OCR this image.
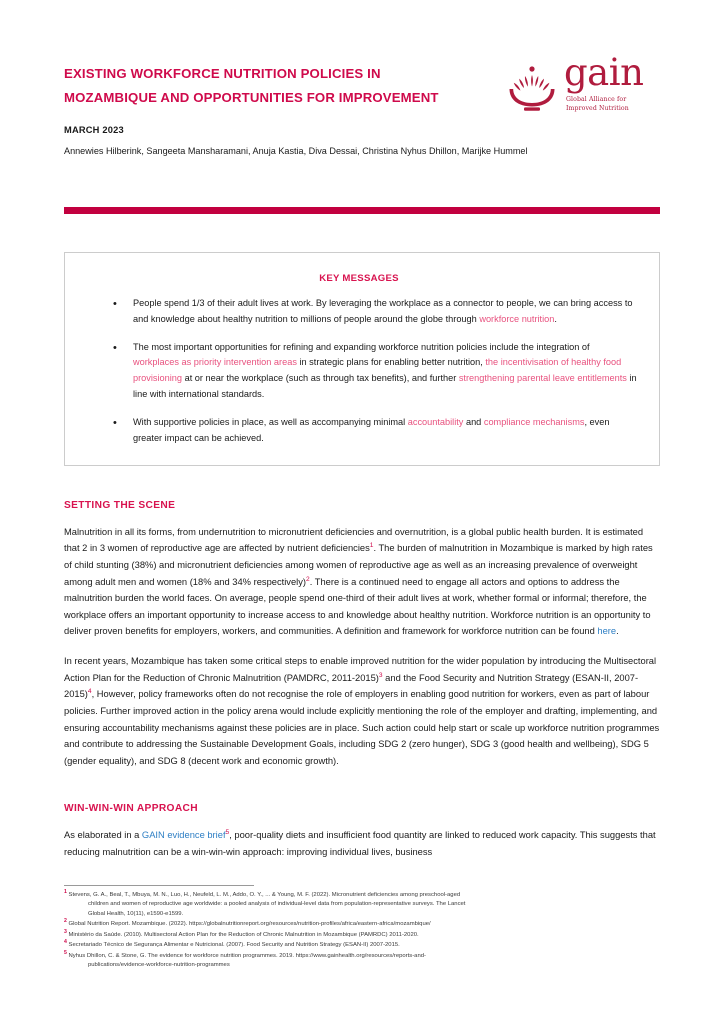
EXISTING WORKFORCE NUTRITION POLICIES IN
MOZAMBIQUE AND OPPORTUNITIES FOR IMPROVEMENT
gain
Global Alliance for
Improved Nutrition

MARCH 2023

Annewies Hilberink, Sangeeta Mansharamani, Anuja Kastia, Diva Dessai, Christina Nyhus Dhillon, Marijke Hummel

KEY MESSAGES
• People spend 1/3 of their adult lives at work. By leveraging the workplace as a connector to people, we can bring access to and knowledge about healthy nutrition to millions of people around the globe through workforce nutrition.
• The most important opportunities for refining and expanding workforce nutrition policies include the integration of workplaces as priority intervention areas in strategic plans for enabling better nutrition, the incentivisation of healthy food provisioning at or near the workplace (such as through tax benefits), and further strengthening parental leave entitlements in line with international standards.
• With supportive policies in place, as well as accompanying minimal accountability and compliance mechanisms, even greater impact can be achieved.
SETTING THE SCENE

Malnutrition in all its forms, from undernutrition to micronutrient deficiencies and overnutrition, is a global public health burden. It is estimated that 2 in 3 women of reproductive age are affected by nutrient deficiencies$^1$. The burden of malnutrition in Mozambique is marked by high rates of child stunting (38%) and micronutrient deficiencies among women of reproductive age as well as an increasing prevalence of overweight among adult men and women (18% and 34% respectively)$^2$. There is a continued need to engage all actors and options to address the malnutrition burden the world faces. On average, people spend one-third of their adult lives at work, whether formal or informal; therefore, the workplace offers an important opportunity to increase access to and knowledge about healthy nutrition. Workforce nutrition is an opportunity to deliver proven benefits for employers, workers, and communities. A definition and framework for workforce nutrition can be found here.

In recent years, Mozambique has taken some critical steps to enable improved nutrition for the wider population by introducing the Multisectoral Action Plan for the Reduction of Chronic Malnutrition (PAMDRC, 2011-2015)$^3$ and the Food Security and Nutrition Strategy (ESAN-II, 2007-2015)$^4$, However, policy frameworks often do not recognise the role of employers in enabling good nutrition for workers, even as part of labour policies. Further improved action in the policy arena would include explicitly mentioning the role of the employer and drafting, implementing, and ensuring accountability mechanisms against these policies are in place. Such action could help start or scale up workforce nutrition programmes and contribute to addressing the Sustainable Development Goals, including SDG 2 (zero hunger), SDG 3 (good health and wellbeing), SDG 5 (gender equality), and SDG 8 (decent work and economic growth).

WIN-WIN-WIN APPROACH

As elaborated in a GAIN evidence brief$^5$, poor-quality diets and insufficient food quantity are linked to reduced work capacity. This suggests that reducing malnutrition can be a win-win-win approach: improving individual lives, business

1 Stevens, G. A., Beal, T., Mbuya, M. N., Luo, H., Neufeld, L. M., Addo, O. Y., ... & Young, M. F. (2022). Micronutrient deficiencies among preschool-aged
children and women of reproductive age worldwide: a pooled analysis of individual-level data from population-representative surveys. The Lancet
Global Health, 10(11), e1590-e1599.
2 Global Nutrition Report. Mozambique. (2022). https://globalnutritionreport.org/resources/nutrition-profiles/africa/eastern-africa/mozambique/
3 Ministério da Saúde. (2010). Multisectoral Action Plan for the Reduction of Chronic Malnutrition in Mozambique (PAMRDC) 2011-2020.
4 Secretariado Técnico de Segurança Alimentar e Nutricional. (2007). Food Security and Nutrition Strategy (ESAN-II) 2007-2015.
5 Nyhus Dhillon, C. & Stone, G. The evidence for workforce nutrition programmes. 2019. https://www.gainhealth.org/resources/reports-and-
publications/evidence-workforce-nutrition-programmes
